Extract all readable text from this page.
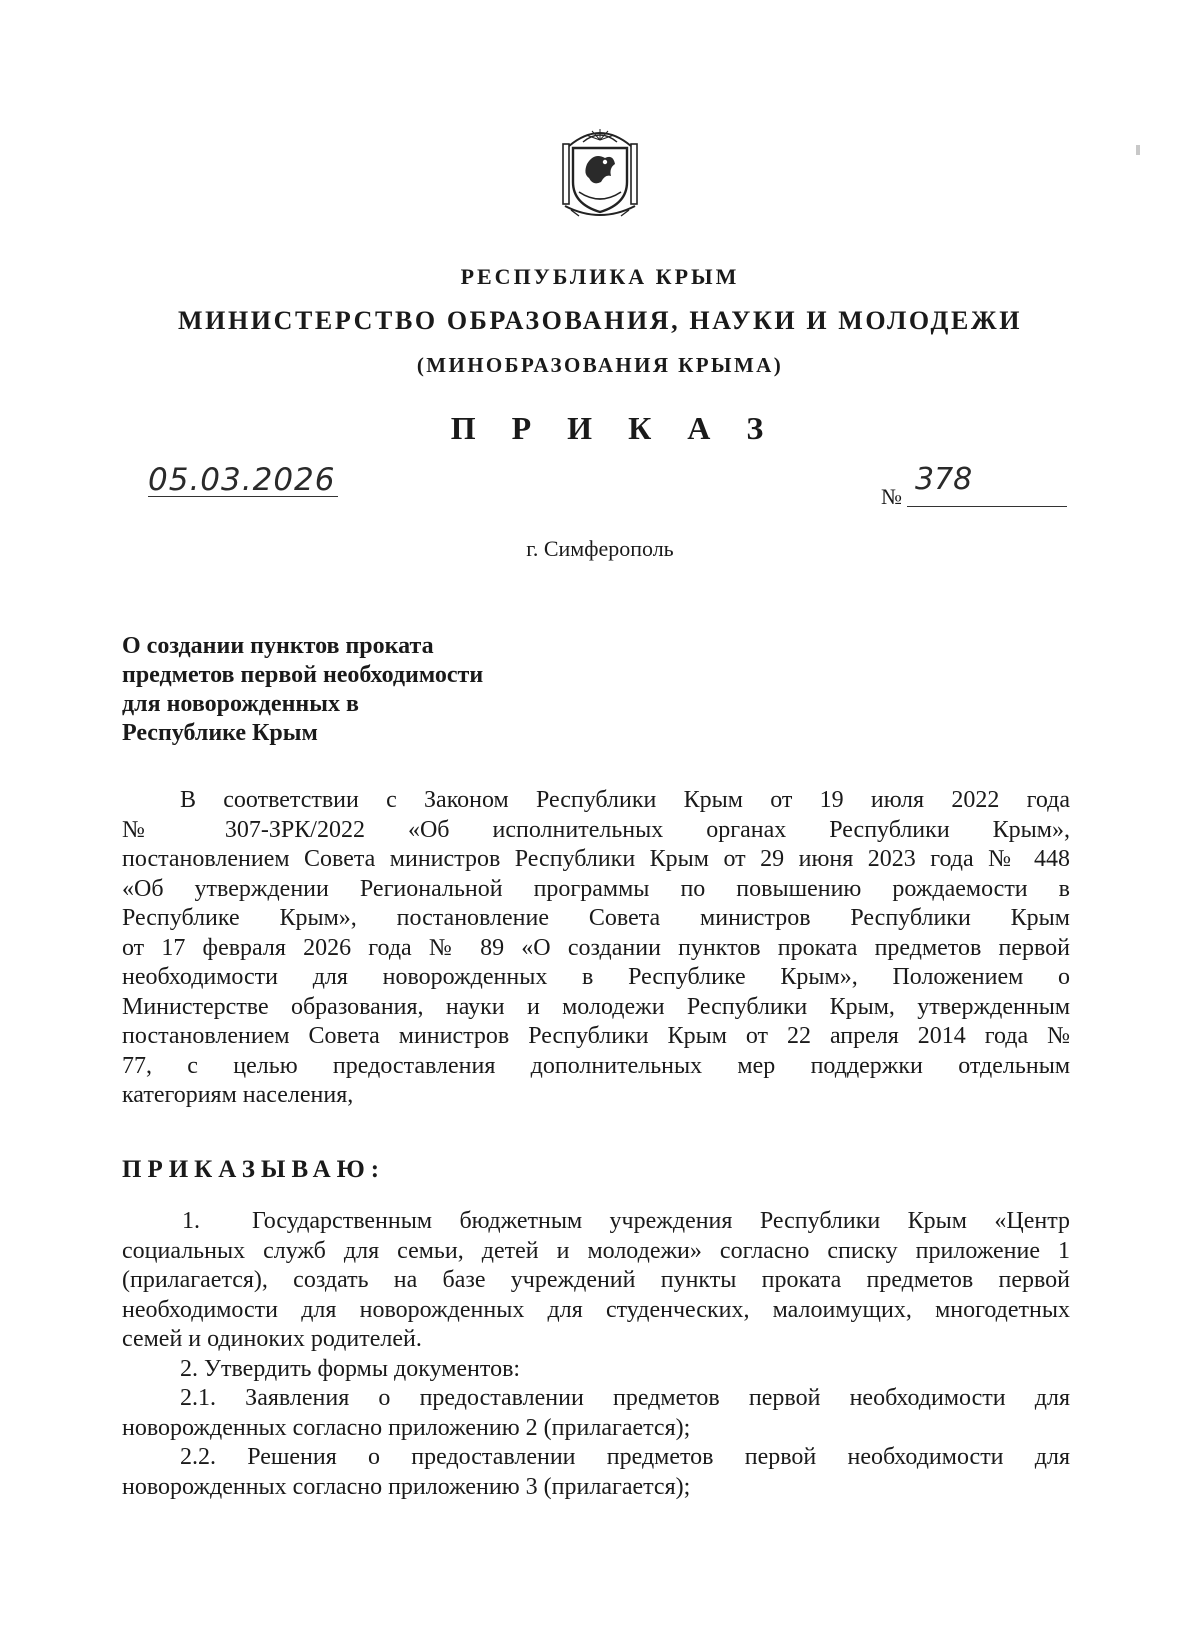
РЕСПУБЛИКА КРЫМ
МИНИСТЕРСТВО ОБРАЗОВАНИЯ, НАУКИ И МОЛОДЕЖИ
(МИНОБРАЗОВАНИЯ КРЫМА)
П Р И К А З
05.03.2026	№ 378
г. Симферополь
О создании пунктов проката
предметов первой необходимости
для новорожденных в
Республике Крым
В соответствии с Законом Республики Крым от 19 июля 2022 года
№ 307-ЗРК/2022 «Об исполнительных органах Республики Крым»,
постановлением Совета министров Республики Крым от 29 июня 2023 года № 448
«Об утверждении Региональной программы по повышению рождаемости в
Республике Крым», постановление Совета министров Республики Крым
от 17 февраля 2026 года № 89 «О создании пунктов проката предметов первой
необходимости для новорожденных в Республике Крым», Положением о
Министерстве образования, науки и молодежи Республики Крым, утвержденным
постановлением Совета министров Республики Крым от 22 апреля 2014 года №
77, с целью предоставления дополнительных мер поддержки отдельным
категориям населения,
ПРИКАЗЫВАЮ:
1. Государственным бюджетным учреждения Республики Крым «Центр
социальных служб для семьи, детей и молодежи» согласно списку приложение 1
(прилагается), создать на базе учреждений пункты проката предметов первой
необходимости для новорожденных для студенческих, малоимущих, многодетных
семей и одиноких родителей.
2. Утвердить формы документов:
2.1. Заявления о предоставлении предметов первой необходимости для
новорожденных согласно приложению 2 (прилагается);
2.2. Решения о предоставлении предметов первой необходимости для
новорожденных согласно приложению 3 (прилагается);
